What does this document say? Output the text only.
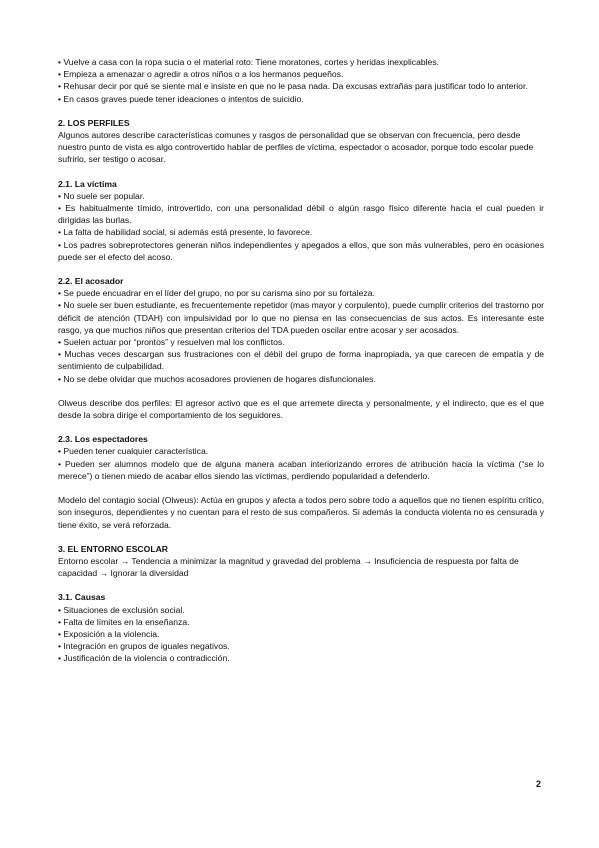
• Vuelve a casa con la ropa sucia o el material roto: Tiene moratones, cortes y heridas inexplicables.

• Empieza a amenazar o agredir a otros niños o a los hermanos pequeños.

• Rehusar decir por qué se siente mal e insiste en que no le pasa nada. Da excusas extrañas para justificar todo lo anterior.

• En casos graves puede tener ideaciones o intentos de suicidio.

2. LOS PERFILES

Algunos autores describe características comunes y rasgos de personalidad que se observan con frecuencia, pero desde nuestro punto de vista es algo controvertido hablar de perfiles de víctima, espectador o acosador, porque todo escolar puede sufrirlo, ser testigo o acosar.

2.1. La víctima

• No suele ser popular.

• Es habitualmente tímido, introvertido, con una personalidad débil o algún rasgo físico diferente hacia el cual pueden ir dirigidas las burlas.

• La falta de habilidad social, si además está presente, lo favorece.

• Los padres sobreprotectores generan niños independientes y apegados a ellos, que son más vulnerables, pero en ocasiones puede ser el efecto del acoso.

2.2. El acosador

• Se puede encuadrar en el líder del grupo, no por su carisma sino por su fortaleza.

• No suele ser buen estudiante, es frecuentemente repetidor (mas mayor y corpulento), puede cumplir criterios del trastorno por déficit de atención (TDAH) con impulsividad por lo que no piensa en las consecuencias de sus actos. Es interesante este rasgo, ya que muchos niños que presentan criterios del TDA pueden oscilar entre acosar y ser acosados.

• Suelen actuar por “prontos” y resuelven mal los conflictos.

• Muchas veces descargan sus frustraciones con el débil del grupo de forma inapropiada, ya que carecen de empatía y de sentimiento de culpabilidad.

• No se debe olvidar que muchos acosadores provienen de hogares disfuncionales.

Olweus describe dos perfiles: El agresor activo que es el que arremete directa y personalmente, y el indirecto, que es el que desde la sobra dirige el comportamiento de los seguidores.

2.3. Los espectadores

• Pueden tener cualquier característica.

• Pueden ser alumnos modelo que de alguna manera acaban interiorizando errores de atribución hacia la víctima (“se lo merece”) o tienen miedo de acabar ellos siendo las víctimas, perdiendo popularidad a defenderlo.

Modelo del contagio social (Olweus): Actúa en grupos y afecta a todos pero sobre todo a aquellos que no tienen espíritu crítico, son inseguros, dependientes y no cuentan para el resto de sus compañeros. Si además la conducta violenta no es censurada y tiene éxito, se verá reforzada.

3. EL ENTORNO ESCOLAR

Entorno escolar → Tendencia a minimizar la magnitud y gravedad del problema → Insuficiencia de respuesta por falta de capacidad → Ignorar la diversidad

3.1. Causas

• Situaciones de exclusión social.

• Falta de límites en la enseñanza.

• Exposición a la violencia.

• Integración en grupos de iguales negativos.

• Justificación de la violencia o contradicción.

2
